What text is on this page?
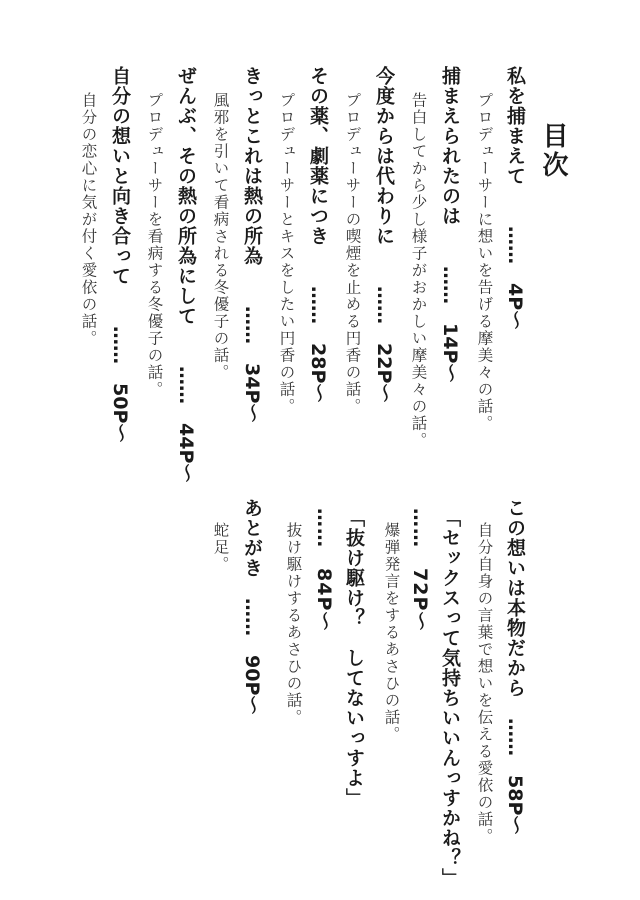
目次
私を捕まえて　　……　4P～
プロデューサーに想いを告げる摩美々の話。
捕まえられたのは　　……　14P～
告白してから少し様子がおかしい摩美々の話。
今度からは代わりに　　……　22P～
プロデューサーの喫煙を止める円香の話。
その薬、劇薬につき　　……　28P～
プロデューサーとキスをしたい円香の話。
きっとこれは熱の所為　　……　34P～
風邪を引いて看病される冬優子の話。
ぜんぶ、その熱の所為にして　　……　44P～
プロデューサーを看病する冬優子の話。
自分の想いと向き合って　　……　50P～
自分の恋心に気が付く愛依の話。
この想いは本物だから　……　58P～
自分自身の言葉で想いを伝える愛依の話。
「セックスって気持ちいいんっすかね？」
……　72P～
爆弾発言をするあさひの話。
「抜け駆け？　してないっすよ」
……　84P～
抜け駆けするあさひの話。
あとがき　……　90P～
蛇足。
